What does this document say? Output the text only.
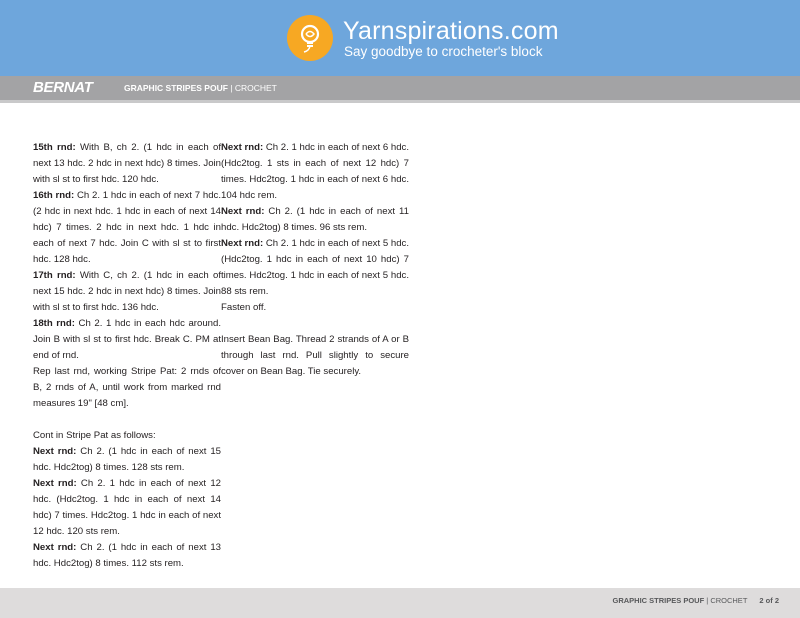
Yarnspirations.com
Say goodbye to crocheter's block
BERNAT	GRAPHIC STRIPES POUF | CROCHET

15th rnd: With B, ch 2. (1 hdc in each of next 13 hdc. 2 hdc in next hdc) 8 times. Join with sl st to first hdc. 120 hdc.

16th rnd: Ch 2. 1 hdc in each of next 7 hdc. (2 hdc in next hdc. 1 hdc in each of next 14 hdc) 7 times. 2 hdc in next hdc. 1 hdc in each of next 7 hdc. Join C with sl st to first hdc. 128 hdc.

17th rnd: With C, ch 2. (1 hdc in each of next 15 hdc. 2 hdc in next hdc) 8 times. Join with sl st to first hdc. 136 hdc.

18th rnd: Ch 2. 1 hdc in each hdc around. Join B with sl st to first hdc. Break C. PM at end of rnd.

Rep last rnd, working Stripe Pat: 2 rnds of B, 2 rnds of A, until work from marked rnd measures 19" [48 cm].

Cont in Stripe Pat as follows:

Next rnd: Ch 2. (1 hdc in each of next 15 hdc. Hdc2tog) 8 times. 128 sts rem.

Next rnd: Ch 2. 1 hdc in each of next 12 hdc. (Hdc2tog. 1 hdc in each of next 14 hdc) 7 times. Hdc2tog. 1 hdc in each of next 12 hdc. 120 sts rem.

Next rnd: Ch 2. (1 hdc in each of next 13 hdc. Hdc2tog) 8 times. 112 sts rem.

Next rnd: Ch 2. 1 hdc in each of next 6 hdc. (Hdc2tog. 1 sts in each of next 12 hdc) 7 times. Hdc2tog. 1 hdc in each of next 6 hdc. 104 hdc rem.

Next rnd: Ch 2. (1 hdc in each of next 11 hdc. Hdc2tog) 8 times. 96 sts rem.

Next rnd: Ch 2. 1 hdc in each of next 5 hdc. (Hdc2tog. 1 hdc in each of next 10 hdc) 7 times. Hdc2tog. 1 hdc in each of next 5 hdc. 88 sts rem.

Fasten off.

Insert Bean Bag. Thread 2 strands of A or B through last rnd. Pull slightly to secure cover on Bean Bag. Tie securely.

GRAPHIC STRIPES POUF | CROCHET 2 of 2
